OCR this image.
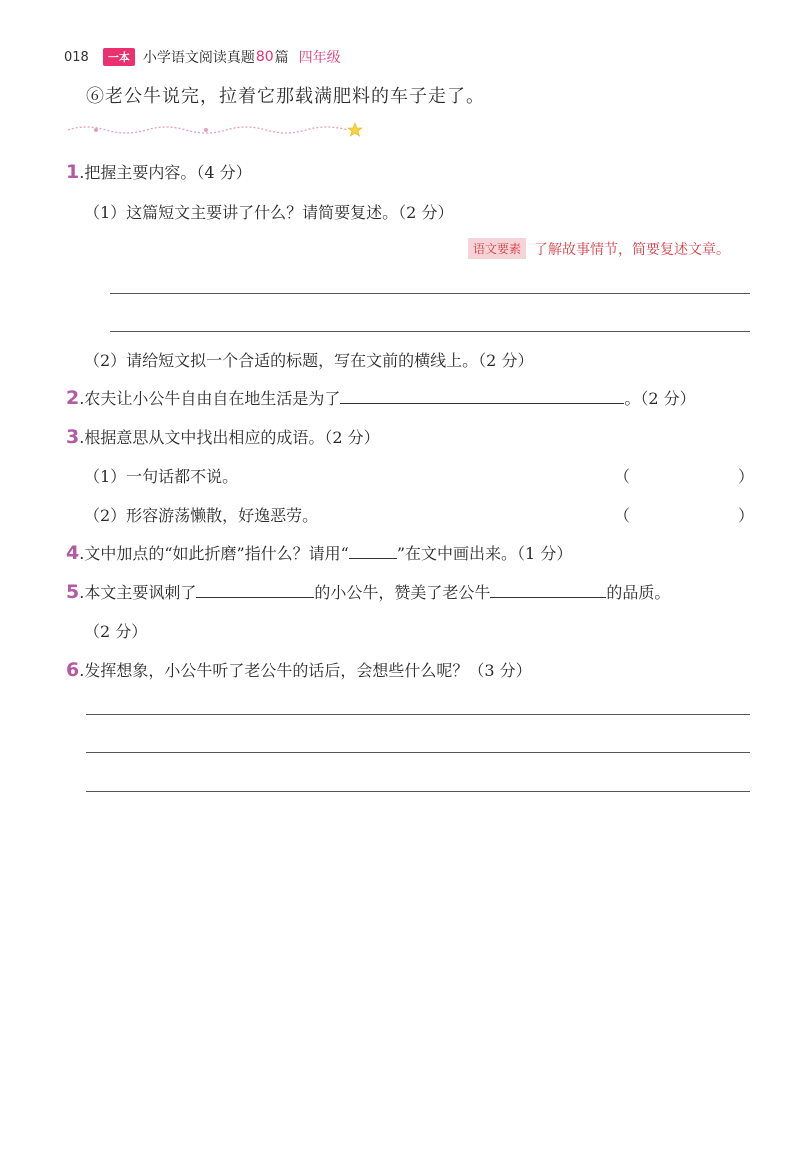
018	一本 小学语文阅读真题 80 篇 四年级
⑥老公牛说完，拉着它那载满肥料的车子走了。
1.把握主要内容。（4 分）
（1）这篇短文主要讲了什么？请简要复述。（2 分）
语文要素 了解故事情节，简要复述文章。
（2）请给短文拟一个合适的标题，写在文前的横线上。（2 分）
2.农夫让小公牛自由自在地生活是为了	。（2 分）
3.根据意思从文中找出相应的成语。（2 分）
（1）一句话都不说。	（	）
（2）形容游荡懒散，好逸恶劳。	（	）
4.文中加点的“如此折磨”指什么？请用“	”在文中画出来。（1 分）
5.本文主要讽刺了	的小公牛，赞美了老公牛	的品质。
（2 分）
6.发挥想象，小公牛听了老公牛的话后，会想些什么呢？（3 分）
